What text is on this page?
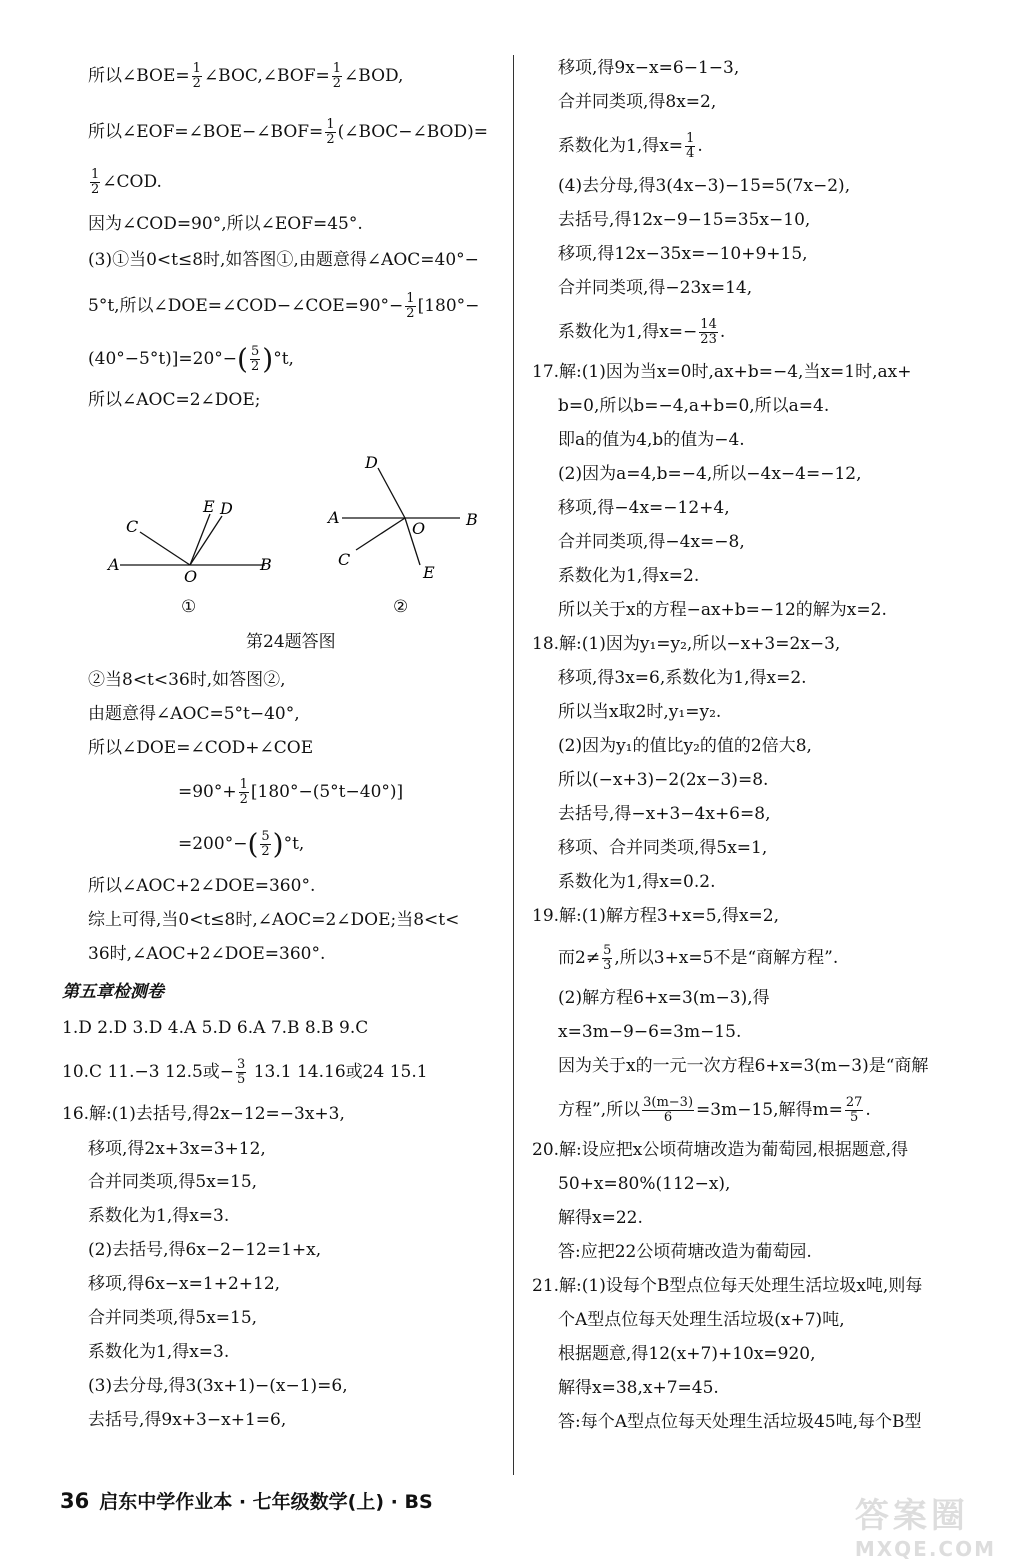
所以∠BOE= $\frac{1}{2}$ ∠BOC,∠BOF= $\frac{1}{2}$ ∠BOD,
所以∠EOF=∠BOE−∠BOF= $\frac{1}{2}$ (∠BOC−∠BOD)=
$\frac{1}{2}$ ∠COD.
因为∠COD=90°,所以∠EOF=45°.
(3)①当0<t≤8时,如答图①,由题意得∠AOC=40°−
5°t,所以∠DOE=∠COD−∠COE=90°− $\frac{1}{2} [180^\circ-$
$(40^\circ-5^\circ t)]=20^\circ-( \frac{5}{2} )^\circ t$,
所以∠AOC=2∠DOE;
A	B
C
E D
O
①
A	B
D
C
E
O
②
第24题答图
②当8<t<36时,如答图②,
由题意得∠AOC=5°t−40°,
所以∠DOE=∠COD+∠COE
$=90^\circ+ \frac{1}{2} [180^\circ-(5^\circ t-40^\circ)]$
$=200^\circ-( \frac{5}{2} )^\circ t$,
所以∠AOC+2∠DOE=360°.
综上可得,当0<t≤8时,∠AOC=2∠DOE;当8<t<
36时,∠AOC+2∠DOE=360°.
第五章检测卷
1.D 2.D 3.D 4.A 5.D 6.A 7.B 8.B 9.C
10.C 11.−3 12.5或− $\frac{3}{5} 13.1$ 14.16或24 15.1
16.解:(1)去括号,得2x−12=−3x+3,
移项,得2x+3x=3+12,
合并同类项,得5x=15,
系数化为1,得x=3.
(2)去括号,得6x−2−12=1+x,
移项,得6x−x=1+2+12,
合并同类项,得5x=15,
系数化为1,得x=3.
(3)去分母,得3(3x+1)−(x−1)=6,
去括号,得9x+3−x+1=6,
移项,得9x−x=6−1−3,
合并同类项,得8x=2,
系数化为1,得$x= \frac{1}{4}$ .
(4)去分母,得3(4x−3)−15=5(7x−2),
去括号,得12x−9−15=35x−10,
移项,得12x−35x=−10+9+15,
合并同类项,得−23x=14,
系数化为1,得$x=- \frac{14}{23}$ .
17.解:(1)因为当x=0时,ax+b=−4,当x=1时,ax+
b=0,所以b=−4,a+b=0,所以a=4.
即a的值为4,b的值为−4.
(2)因为a=4,b=−4,所以−4x−4=−12,
移项,得−4x=−12+4,
合并同类项,得−4x=−8,
系数化为1,得x=2.
所以关于x的方程−ax+b=−12的解为x=2.
18.解:(1)因为y₁=y₂,所以−x+3=2x−3,
移项,得3x=6,系数化为1,得x=2.
所以当x取2时,y₁=y₂.
(2)因为y₁的值比y₂的值的2倍大8,
所以(−x+3)−2(2x−3)=8.
去括号,得−x+3−4x+6=8,
移项、合并同类项,得5x=1,
系数化为1,得x=0.2.
19.解:(1)解方程3+x=5,得x=2,
而$2\ne \frac{5}{3}$ ,所以3+x=5不是“商解方程”.
(2)解方程6+x=3(m−3),得
x=3m−9−6=3m−15.
因为关于x的一元一次方程6+x=3(m−3)是“商解
方程”,所以 $\frac{3(m-3)}{6} =3m-15$,解得$m= \frac{27}{5}$ .
20.解:设应把x公顷荷塘改造为葡萄园,根据题意,得
50+x=80%(112−x),
解得x=22.
答:应把22公顷荷塘改造为葡萄园.
21.解:(1)设每个B型点位每天处理生活垃圾x吨,则每
个A型点位每天处理生活垃圾(x+7)吨,
根据题意,得12(x+7)+10x=920,
解得x=38,x+7=45.
答:每个A型点位每天处理生活垃圾45吨,每个B型
36 启东中学作业本 · 七年级数学(上) · BS	答案圈
MXQE.COM
